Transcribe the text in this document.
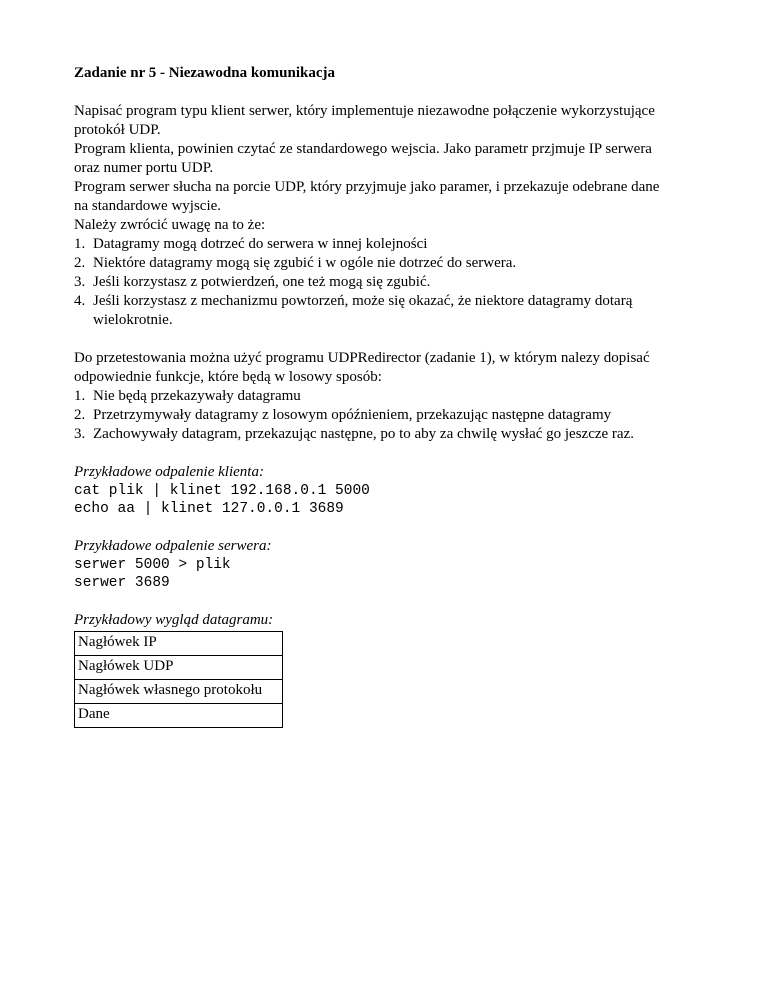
Zadanie nr 5 - Niezawodna komunikacja
Napisać program typu klient serwer, który implementuje niezawodne połączenie wykorzystujące
protokół UDP.
Program klienta, powinien czytać ze standardowego wejscia. Jako parametr przjmuje IP serwera
oraz numer portu UDP.
Program serwer słucha na porcie UDP, który przyjmuje jako paramer, i przekazuje odebrane dane
na standardowe wyjscie.
Należy zwrócić uwagę na to że:
1. Datagramy mogą dotrzeć do serwera w innej kolejności
2. Niektóre datagramy mogą się zgubić i w ogóle nie dotrzeć do serwera.
3. Jeśli korzystasz z potwierdzeń, one też mogą się zgubić.
4. Jeśli korzystasz z mechanizmu powtorzeń, może się okazać, że niektore datagramy dotarą wielokrotnie.
Do przetestowania można użyć programu UDPRedirector (zadanie 1), w którym nalezy dopisać
odpowiednie funkcje, które będą w losowy sposób:
1. Nie będą przekazywały datagramu
2. Przetrzymywały datagramy z losowym opóźnieniem, przekazując następne datagramy
3. Zachowywały datagram, przekazując następne, po to aby za chwilę wysłać go jeszcze raz.
Przykładowe odpalenie klienta:
cat plik | klinet 192.168.0.1 5000
echo aa | klinet 127.0.0.1 3689
Przykładowe odpalenie serwera:
serwer 5000 > plik
serwer 3689
Przykładowy wygląd datagramu:
Nagłówek IP
Nagłówek UDP
Nagłówek własnego protokołu
Dane
